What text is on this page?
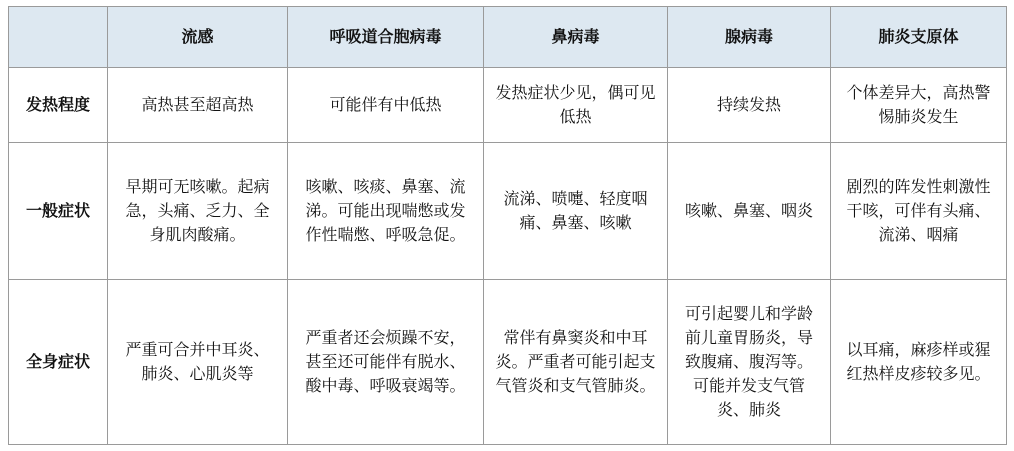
	流感	呼吸道合胞病毒	鼻病毒	腺病毒	肺炎支原体
发热程度	高热甚至超高热	可能伴有中低热	发热症状少见，偶可见低热	持续发热	个体差异大，高热警惕肺炎发生
一般症状	早期可无咳嗽。起病急，头痛、乏力、全身肌肉酸痛。	咳嗽、咳痰、鼻塞、流涕。可能出现喘憋或发作性喘憋、呼吸急促。	流涕、喷嚏、轻度咽痛、鼻塞、咳嗽	咳嗽、鼻塞、咽炎	剧烈的阵发性刺激性干咳，可伴有头痛、流涕、咽痛
全身症状	严重可合并中耳炎、肺炎、心肌炎等	严重者还会烦躁不安，甚至还可能伴有脱水、酸中毒、呼吸衰竭等。	常伴有鼻窦炎和中耳炎。严重者可能引起支气管炎和支气管肺炎。	可引起婴儿和学龄前儿童胃肠炎，导致腹痛、腹泻等。可能并发支气管炎、肺炎	以耳痛，麻疹样或猩红热样皮疹较多见。
